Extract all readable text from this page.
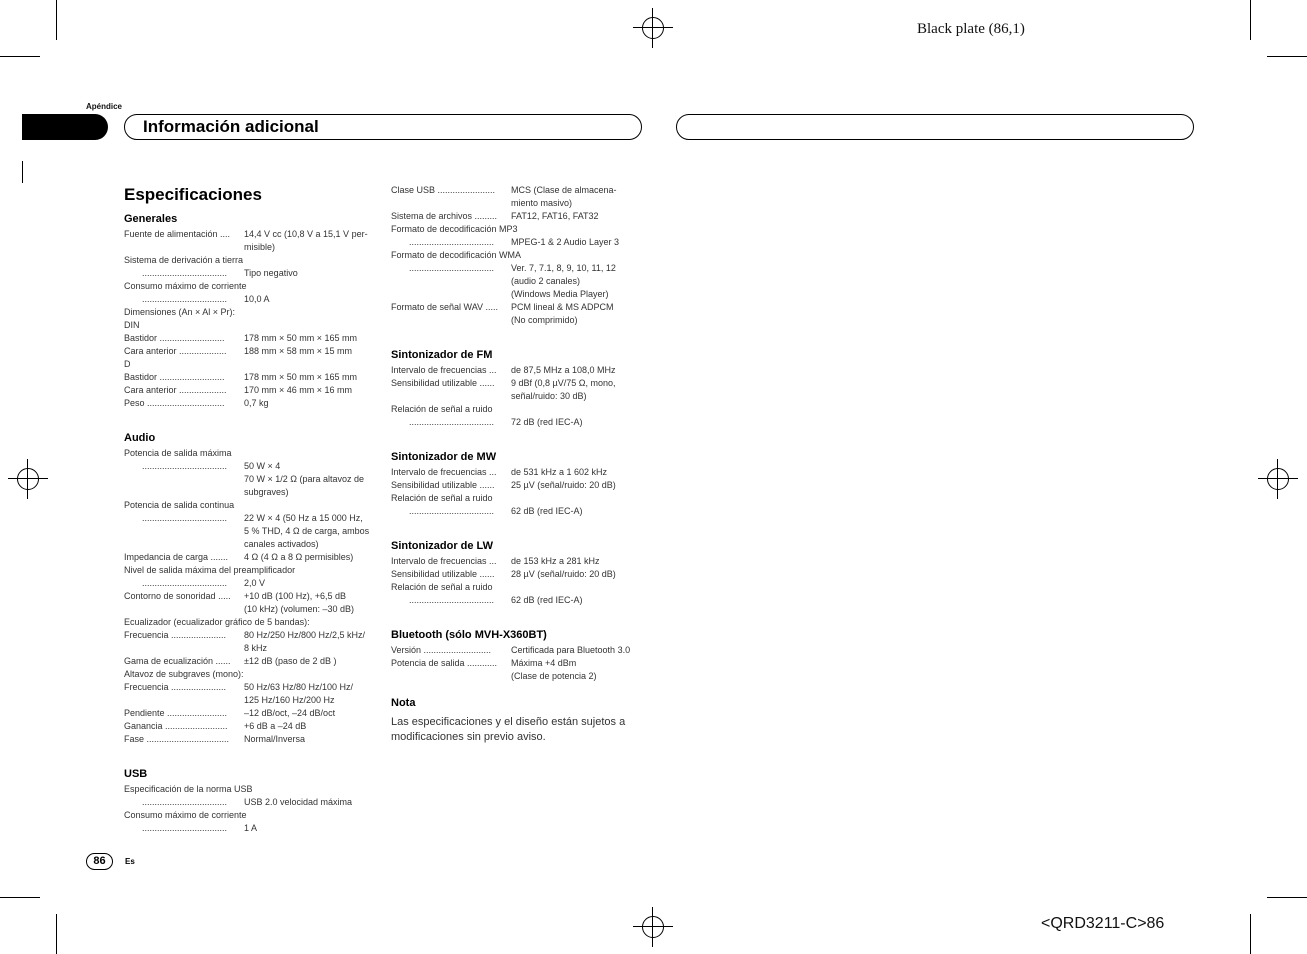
Black plate (86,1)
Apéndice
Información adicional
Especificaciones
Generales
Fuente de alimentación ....	14,4 V cc (10,8 V a 15,1 V per-
misible)
Sistema de derivación a tierra
..................................	Tipo negativo
Consumo máximo de corriente
..................................	10,0 A
Dimensiones (An × Al × Pr):
DIN
Bastidor ..........................	178 mm × 50 mm × 165 mm
Cara anterior ...................	188 mm × 58 mm × 15 mm
D
Bastidor ..........................	178 mm × 50 mm × 165 mm
Cara anterior ...................	170 mm × 46 mm × 16 mm
Peso ...............................	0,7 kg
Audio
Potencia de salida máxima
..................................	50 W × 4
70 W × 1/2 Ω (para altavoz de
subgraves)
Potencia de salida continua
..................................	22 W × 4 (50 Hz a 15 000 Hz,
5 % THD, 4 Ω de carga, ambos
canales activados)
Impedancia de carga .......	4 Ω (4 Ω a 8 Ω permisibles)
Nivel de salida máxima del preamplificador
..................................	2,0 V
Contorno de sonoridad .....	+10 dB (100 Hz), +6,5 dB
(10 kHz) (volumen: –30 dB)
Ecualizador (ecualizador gráfico de 5 bandas):
Frecuencia ......................	80 Hz/250 Hz/800 Hz/2,5 kHz/
8 kHz
Gama de ecualización ......	±12 dB (paso de 2 dB )
Altavoz de subgraves (mono):
Frecuencia ......................	50 Hz/63 Hz/80 Hz/100 Hz/
125 Hz/160 Hz/200 Hz
Pendiente ........................	–12 dB/oct, –24 dB/oct
Ganancia .........................	+6 dB a –24 dB
Fase .................................	Normal/Inversa
USB
Especificación de la norma USB
..................................	USB 2.0 velocidad máxima
Consumo máximo de corriente
..................................	1 A
Clase USB .......................	MCS (Clase de almacena-
miento masivo)
Sistema de archivos .........	FAT12, FAT16, FAT32
Formato de decodificación MP3
..................................	MPEG-1 & 2 Audio Layer 3
Formato de decodificación WMA
..................................	Ver. 7, 7.1, 8, 9, 10, 11, 12
(audio 2 canales)
(Windows Media Player)
Formato de señal WAV .....	PCM lineal & MS ADPCM
(No comprimido)
Sintonizador de FM
Intervalo de frecuencias ...	de 87,5 MHz a 108,0 MHz
Sensibilidad utilizable ......	9 dBf (0,8 µV/75 Ω, mono,
señal/ruido: 30 dB)
Relación de señal a ruido
..................................	72 dB (red IEC-A)
Sintonizador de MW
Intervalo de frecuencias ...	de 531 kHz a 1 602 kHz
Sensibilidad utilizable ......	25 µV (señal/ruido: 20 dB)
Relación de señal a ruido
..................................	62 dB (red IEC-A)
Sintonizador de LW
Intervalo de frecuencias ...	de 153 kHz a 281 kHz
Sensibilidad utilizable ......	28 µV (señal/ruido: 20 dB)
Relación de señal a ruido
..................................	62 dB (red IEC-A)
Bluetooth (sólo MVH-X360BT)
Versión ...........................	Certificada para Bluetooth 3.0
Potencia de salida ............	Máxima +4 dBm
(Clase de potencia 2)
Nota
Las especificaciones y el diseño están sujetos a modificaciones sin previo aviso.
86	Es
<QRD3211-C>86
